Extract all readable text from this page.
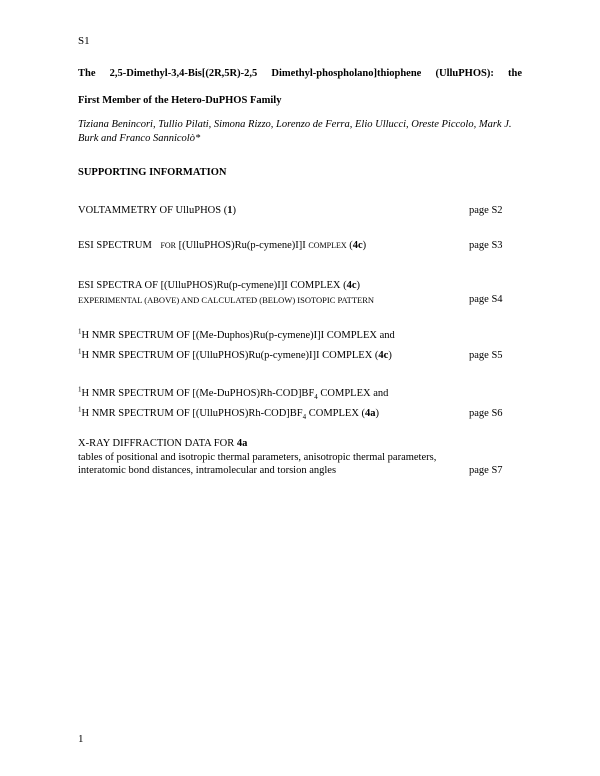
S1
The 2,5-Dimethyl-3,4-Bis[(2R,5R)-2,5 Dimethyl-phospholano]thiophene (UlluPHOS): the
First Member of the Hetero-DuPHOS Family
Tiziana Benincori, Tullio Pilati, Simona Rizzo, Lorenzo de Ferra, Elio Ullucci, Oreste Piccolo, Mark J. Burk and Franco Sannicolò*
SUPPORTING INFORMATION
VOLTAMMETRY OF UlluPHOS (1)	page S2
ESI SPECTRUM FOR [(UlluPHOS)Ru(p-cymene)I]I COMPLEX (4c)	page S3
ESI SPECTRA OF [(UlluPHOS)Ru(p-cymene)I]I COMPLEX (4c)
EXPERIMENTAL (ABOVE) AND CALCULATED (BELOW) ISOTOPIC PATTERN	page S4
$^1$H NMR SPECTRUM OF [(Me-Duphos)Ru(p-cymene)I]I COMPLEX and
$^1$H NMR SPECTRUM OF [(UlluPHOS)Ru(p-cymene)I]I COMPLEX (4c)	page S5
$^1$H NMR SPECTRUM OF $[(Me-DuPHOS)Rh-COD]BF_4$ COMPLEX and
$^1$H NMR SPECTRUM OF $[(UlluPHOS)Rh-COD]BF_4$ COMPLEX (4a)	page S6
X-RAY DIFFRACTION DATA FOR 4a
tables of positional and isotropic thermal parameters, anisotropic thermal parameters, interatomic bond distances, intramolecular and torsion angles	page S7
1
